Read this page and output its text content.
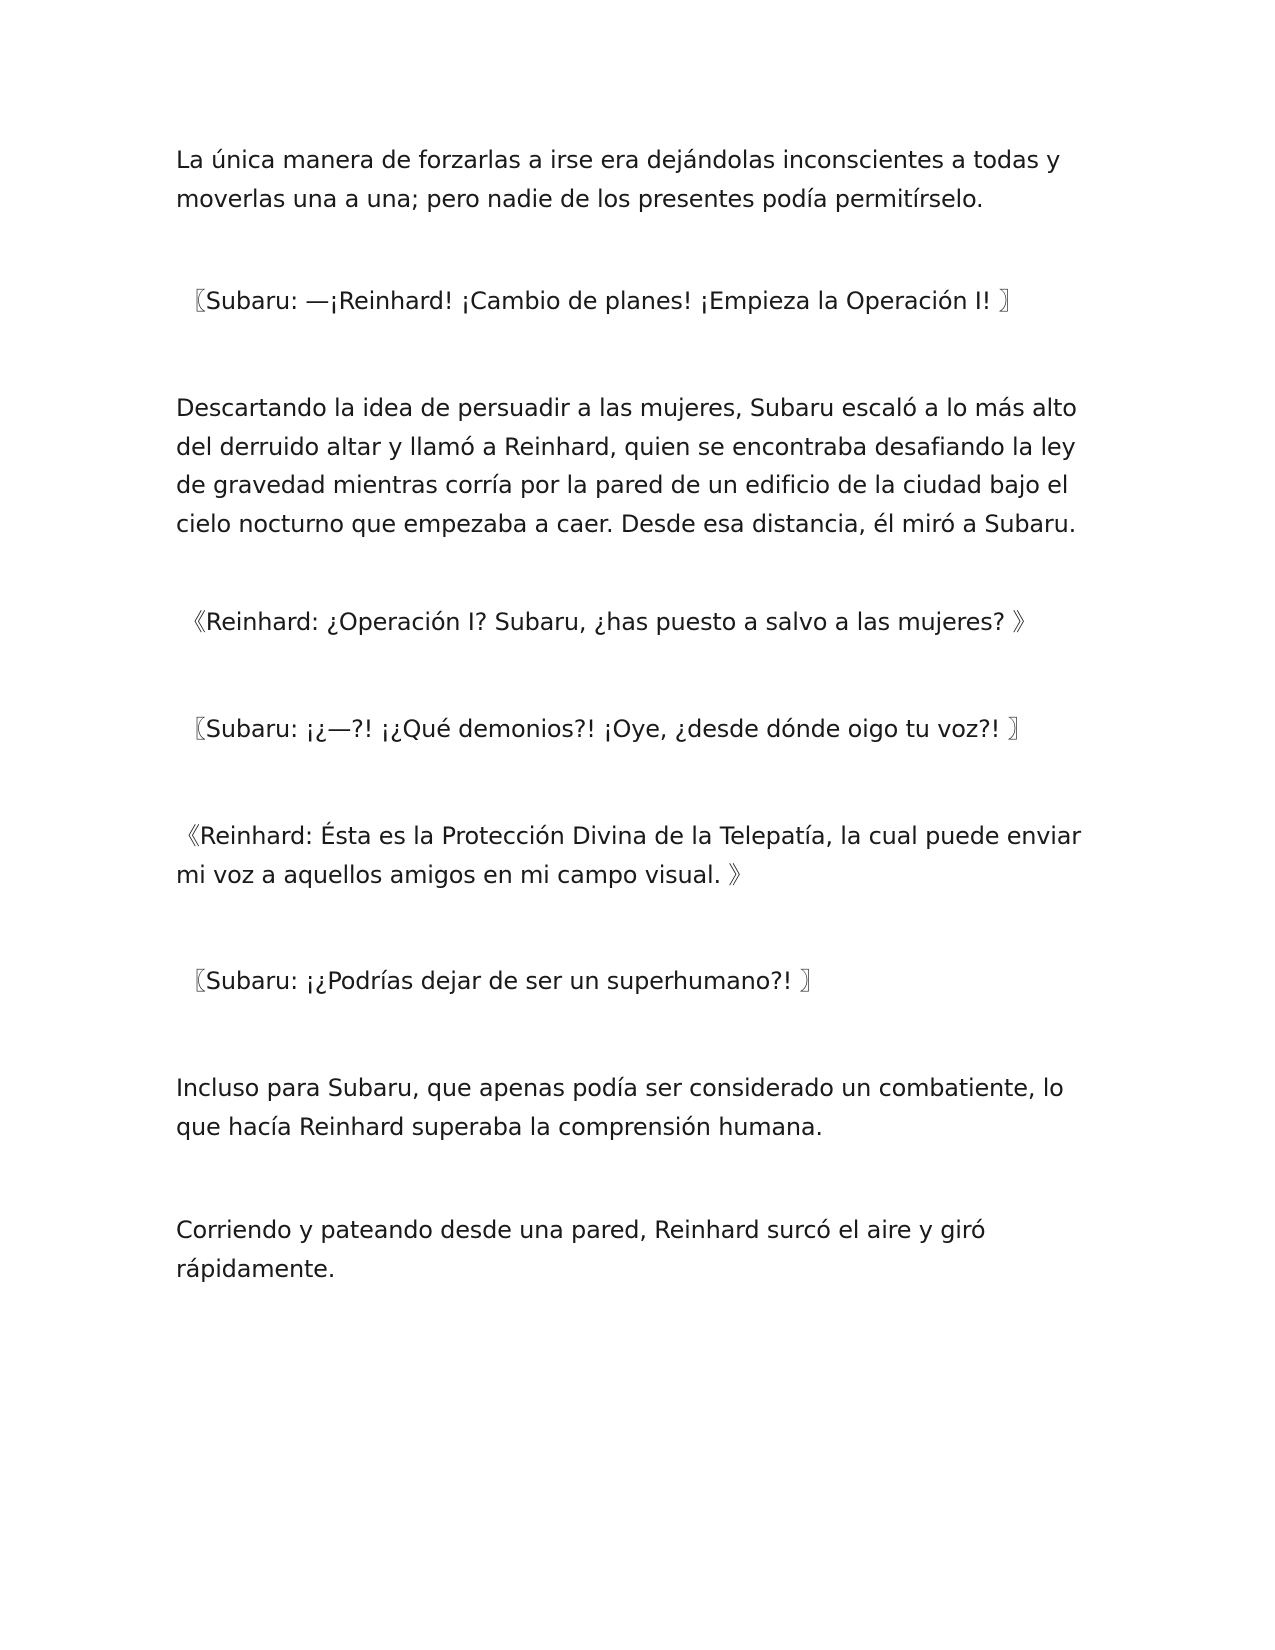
La única manera de forzarlas a irse era dejándolas inconscientes a todas y
moverlas una a una; pero nadie de los presentes podía permitírselo.

〖Subaru: —¡Reinhard! ¡Cambio de planes! ¡Empieza la Operación I! 〗

Descartando la idea de persuadir a las mujeres, Subaru escaló a lo más alto
del derruido altar y llamó a Reinhard, quien se encontraba desafiando la ley
de gravedad mientras corría por la pared de un edificio de la ciudad bajo el
cielo nocturno que empezaba a caer. Desde esa distancia, él miró a Subaru.

《Reinhard: ¿Operación I? Subaru, ¿has puesto a salvo a las mujeres? 》

〖Subaru: ¡¿—?! ¡¿Qué demonios?! ¡Oye, ¿desde dónde oigo tu voz?! 〗

《Reinhard: Ésta es la Protección Divina de la Telepatía, la cual puede enviar
mi voz a aquellos amigos en mi campo visual. 》

〖Subaru: ¡¿Podrías dejar de ser un superhumano?! 〗

Incluso para Subaru, que apenas podía ser considerado un combatiente, lo
que hacía Reinhard superaba la comprensión humana.

Corriendo y pateando desde una pared, Reinhard surcó el aire y giró
rápidamente.
